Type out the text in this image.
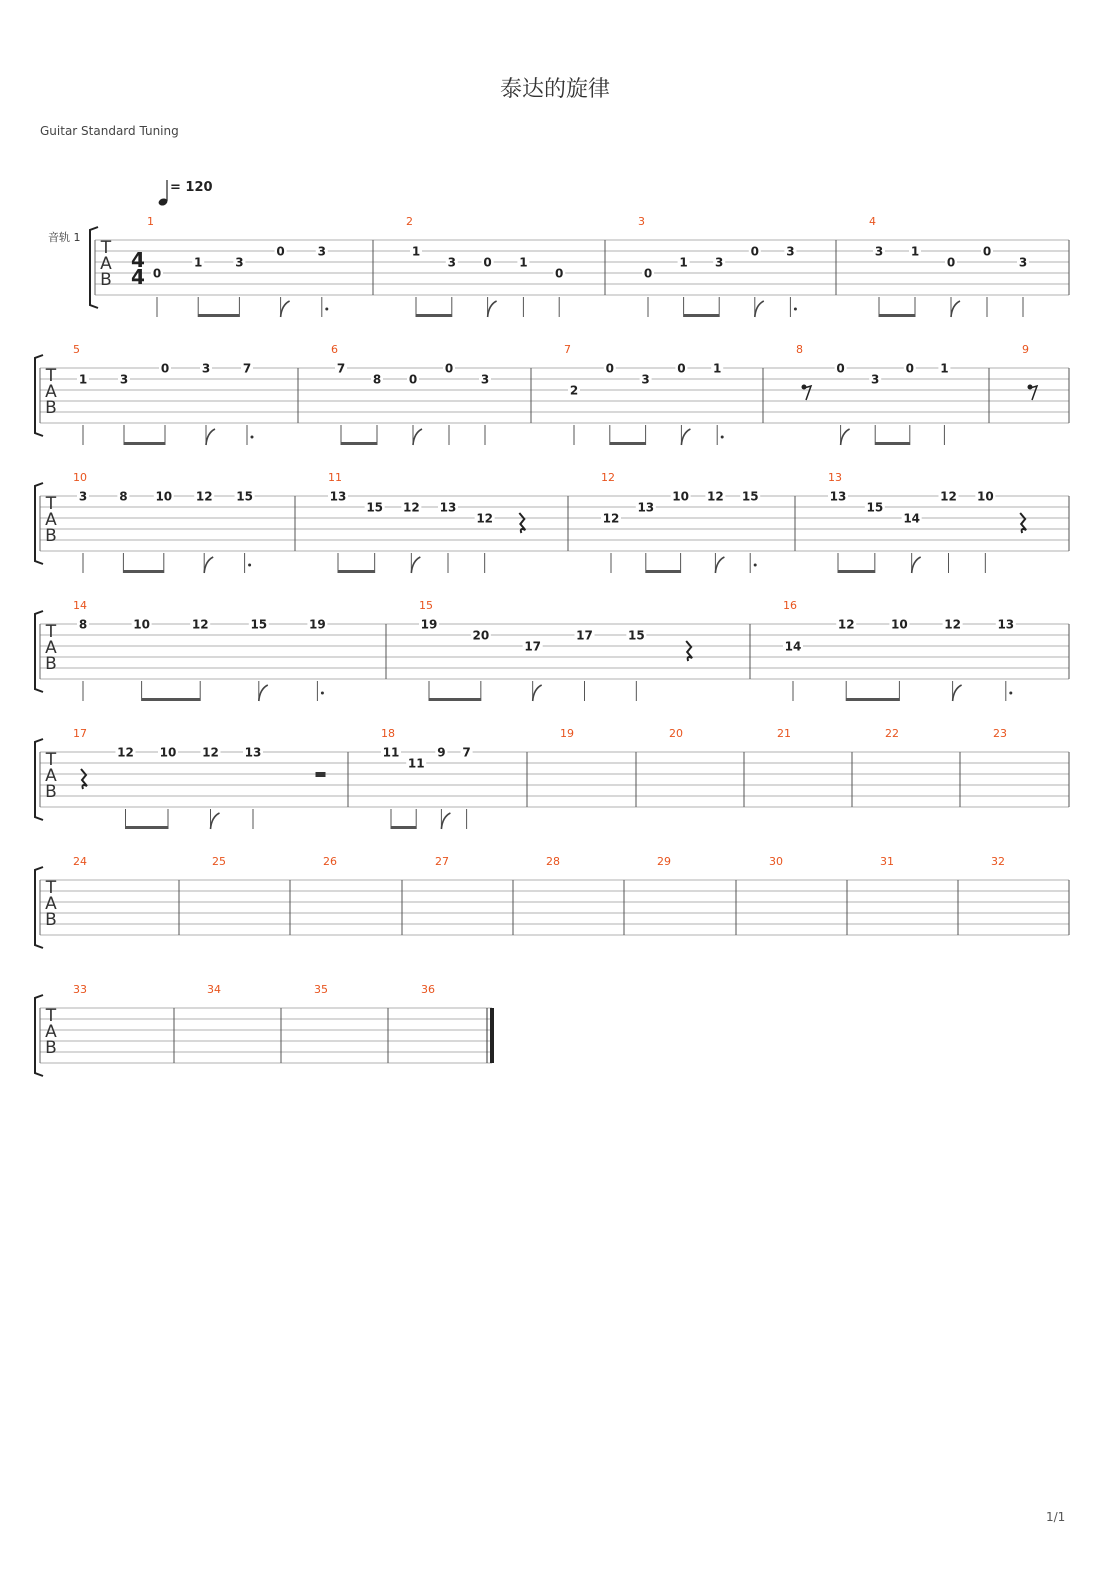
泰达的旋律
Guitar Standard Tuning
= 120
音轨 1
T
A
B
4
4
1
0
1	3
0	3
2
1
3 0 1
0
3
0
1 3
0 3
4
3 1
0
0
3
T
A
B
5
1	3
0	3	7
6
7
8 0
0
3
7
2
0
3
0 1
8
0
3
0 1
9
T
A
B
10
3	8 10 12 15
11
13
15 12 13
12
12
12
13
10 12 15
13
13
15
14
12 10
T
A
B
14
8	10	12	15	19
15
19
20
17
17	15
16
14
12	10	12	13
T
A
B
17
12 10 12 13
18
11
11
9 7
19	20	21	22	23
T
A
B
24	25	26	27	28	29	30	31	32
T
A
B
33	34	35	36
1/1
